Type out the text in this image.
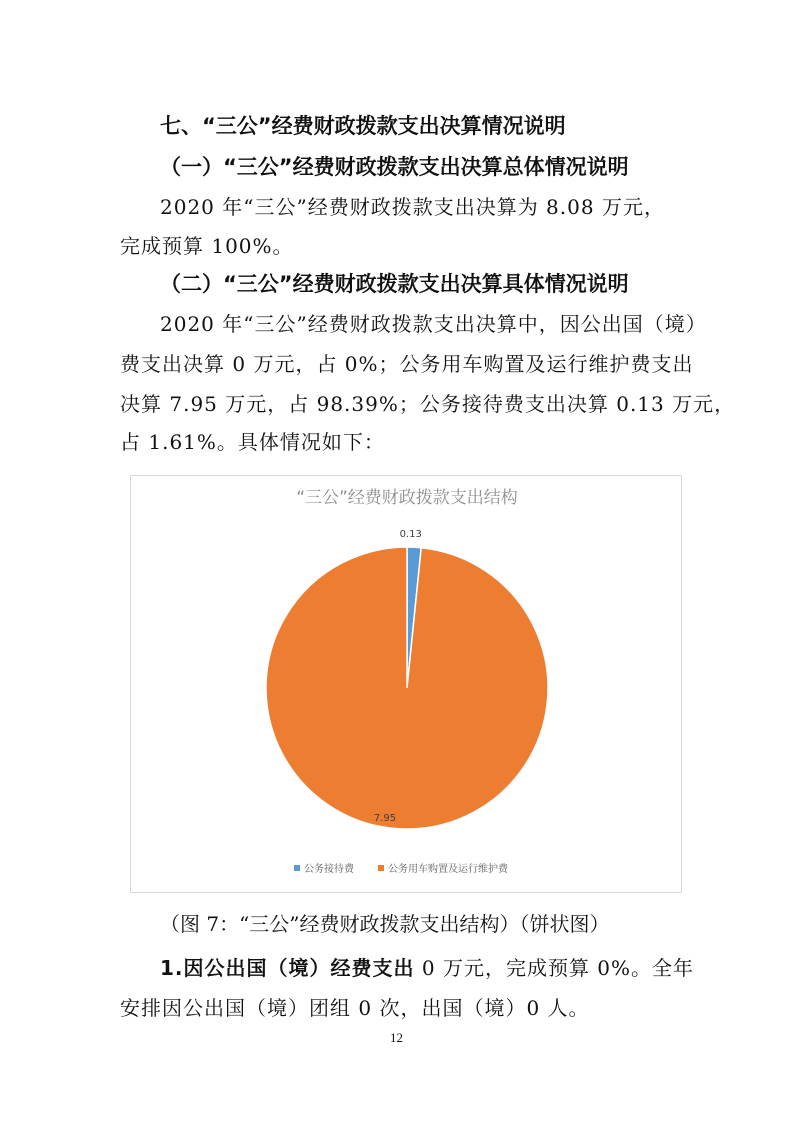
七、“三公”经费财政拨款支出决算情况说明
（一）“三公”经费财政拨款支出决算总体情况说明
2020 年“三公”经费财政拨款支出决算为 8.08 万元，
完成预算 100%。
（二）“三公”经费财政拨款支出决算具体情况说明
2020 年“三公”经费财政拨款支出决算中，因公出国（境）
费支出决算 0 万元，占 0%；公务用车购置及运行维护费支出
决算 7.95 万元，占 98.39%；公务接待费支出决算 0.13 万元，
占 1.61%。具体情况如下：
“三公”经费财政拨款支出结构
0.13
7.95
公务接待费	公务用车购置及运行维护费
（图 7：“三公”经费财政拨款支出结构）（饼状图）
1.因公出国（境）经费支出 0 万元，完成预算 0%。全年
安排因公出国（境）团组 0 次，出国（境）0 人。
12
